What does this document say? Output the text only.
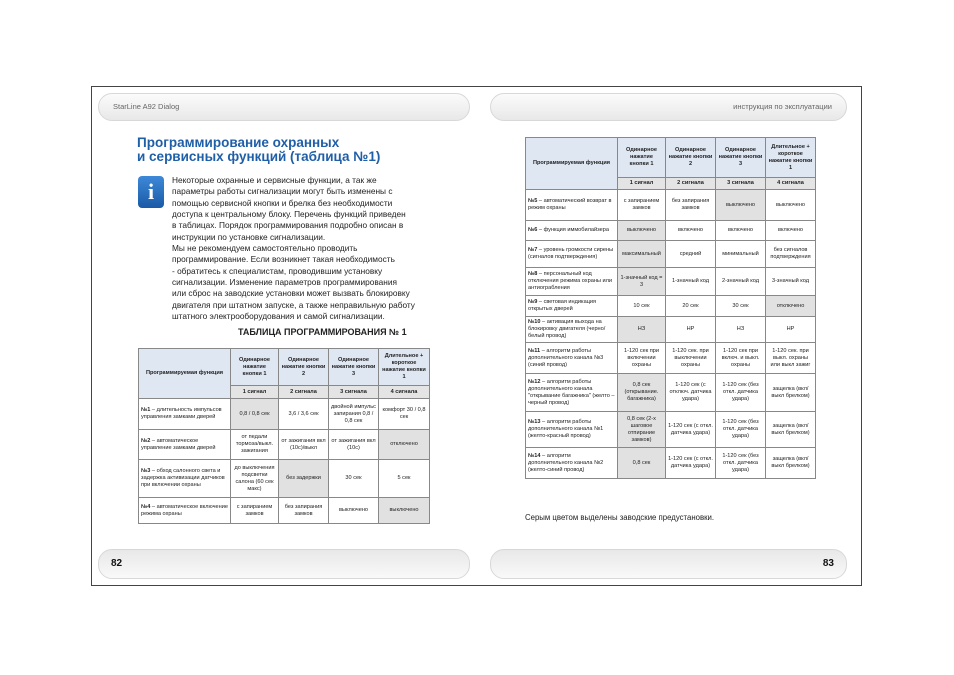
StarLine A92 Dialog
Программирование охранных
и сервисных функций (таблица №1)
i	Некоторые охранные и сервисные функции, а так же

параметры работы сигнализации могут быть изменены с

помощью сервисной кнопки и брелка без необходимости

доступа к центральному блоку. Перечень функций приведен

в таблицах. Порядок программирования подробно описан в

инструкции по установке сигнализации.

Мы не рекомендуем самостоятельно проводить

программирование. Если возникнет такая необходимость

- обратитесь к специалистам, проводившим установку

сигнализации. Изменение параметров программирования

или сброс на заводские установки может вызвать блокировку

двигателя при штатном запуске, а также неправильную работу

штатного электрооборудования и самой сигнализации.

ТАБЛИЦА ПРОГРАММИРОВАНИЯ № 1
Программируемая функция	Одинарное нажатие кнопки 1	Одинарное нажатие кнопки 2	Одинарное нажатие кнопки 3	Длительное + короткое нажатие кнопки 1
	1 сигнал	2 сигнала	3 сигнала	4 сигнала
№1 – длительность импульсов управления замками дверей	0,8 / 0,8 сек	3,6 / 3,6 сек	двойной импульс запирания 0,8 / 0,8 сек	комфорт 30 / 0,8 сек
№2 – автоматическое управление замками дверей	от педали тормоза/выкл. зажигания	от зажигания вкл (10с)/выкл	от зажигания вкл (10с)	отключено
№3 – обход салонного света и задержка активизации датчиков при включении охраны	до выключения подсветки салона (60 сек макс)	без задержки	30 сек	5 сек
№4 – автоматическое включение режима охраны	с запиранием замков	без запирания замков	выключено	выключено
82
инструкция по эксплуатации
Программируемая функция	Одинарное нажатие кнопки 1	Одинарное нажатие кнопки 2	Одинарное нажатие кнопки 3	Длительное + короткое нажатие кнопки 1
	1 сигнал	2 сигнала	3 сигнала	4 сигнала
№5 – автоматический возврат в режим охраны	с запиранием замков	без запирания замков	выключено	выключено
№6 – функция иммобилайзера	выключено	включено	включено	включено
№7 – уровень громкости сирены (сигналов подтверждения)	максимальный	средний	минимальный	без сигналов подтверждения
№8 – персональный код отключения режима охраны или антиограбления	1-значный код = 3	1-значный код	2-значный код	3-значный код
№9 – световая индикация открытых дверей	10 сек	20 сек	30 сек	отключено
№10 – активация выхода на блокировку двигателя (черно/белый провод)	НЗ	НР	НЗ	НР
№11 – алгоритм работы дополнительного канала №3 (синий провод)	1-120 сек при включении охраны	1-120 сек. при выключении охраны	1-120 сек при включ. и выкл. охраны	1-120 сек. при выкл. охраны или выкл зажиг
№12 – алгоритм работы дополнительного канала "открывание багажника" (желто – черный провод)	0,8 сек (открывание. багажника)	1-120 сек (с отключ. датчика удара)	1-120 сек (без откл. датчика удара)	защелка (вкл/выкл брелком)
№13 – алгоритм работы дополнительного канала №1 (желто-красный провод)	0,8 сек (2-х шаговое отпирание замков)	1-120 сек (с откл. датчика удара)	1-120 сек (без откл. датчика удара)	защелка (вкл/выкл брелком)
№14 – алгоритм дополнительного канала №2 (желто-синий провод)	0,8 сек	1-120 сек (с откл. датчика удара)	1-120 сек (без откл. датчика удара)	защелка (вкл/выкл брелком)
Серым цветом выделены заводские предустановки.
83
